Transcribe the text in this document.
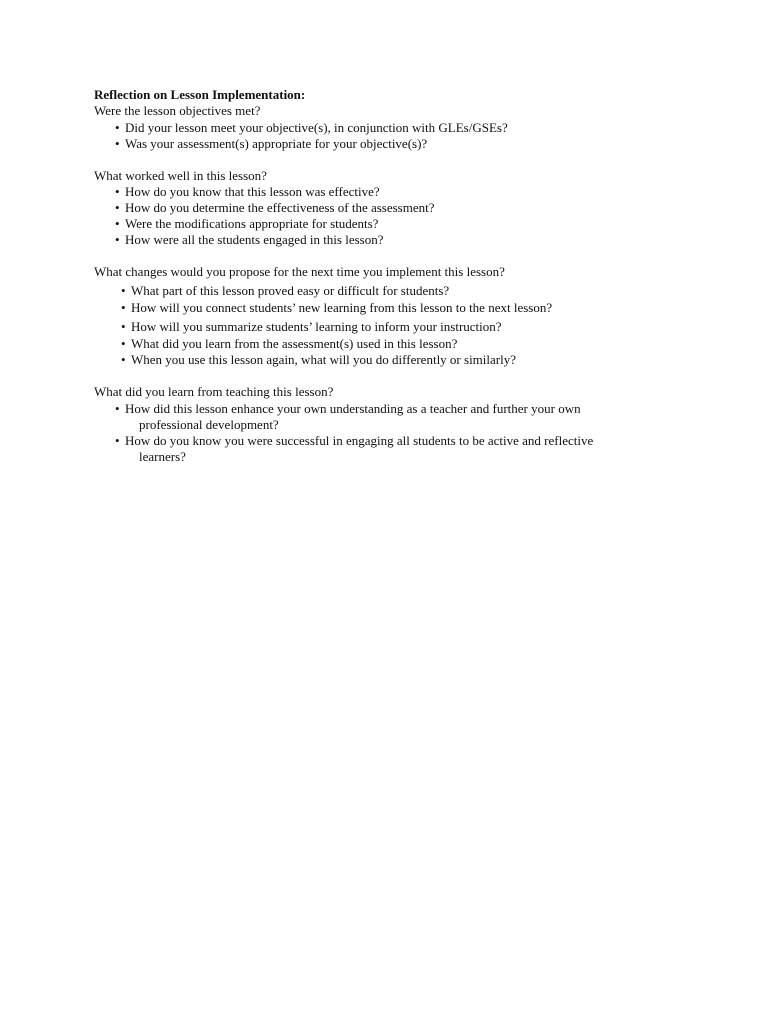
Reflection on Lesson Implementation:
Were the lesson objectives met?
• Did your lesson meet your objective(s), in conjunction with GLEs/GSEs?
• Was your assessment(s) appropriate for your objective(s)?
What worked well in this lesson?
• How do you know that this lesson was effective?
• How do you determine the effectiveness of the assessment?
• Were the modifications appropriate for students?
• How were all the students engaged in this lesson?
What changes would you propose for the next time you implement this lesson?
• What part of this lesson proved easy or difficult for students?
• How will you connect students’ new learning from this lesson to the next lesson?
• How will you summarize students’ learning to inform your instruction?
• What did you learn from the assessment(s) used in this lesson?
• When you use this lesson again, what will you do differently or similarly?
What did you learn from teaching this lesson?
• How did this lesson enhance your own understanding as a teacher and further your own
professional development?
• How do you know you were successful in engaging all students to be active and reflective
learners?
